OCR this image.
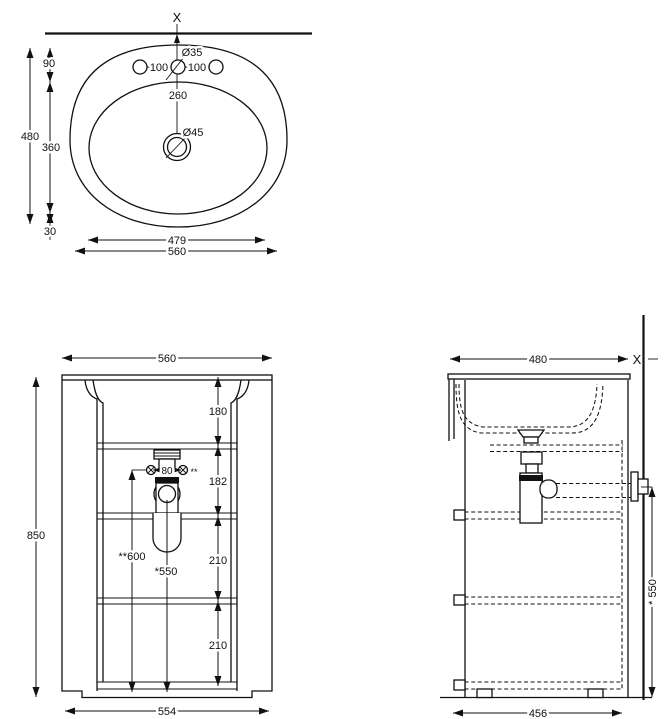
X
100 100
Ø35
260
Ø45
480
90
360
30
479
560
560
850
180
182
210
210
80 **
**600
*550
554
480	X
* 550
456
